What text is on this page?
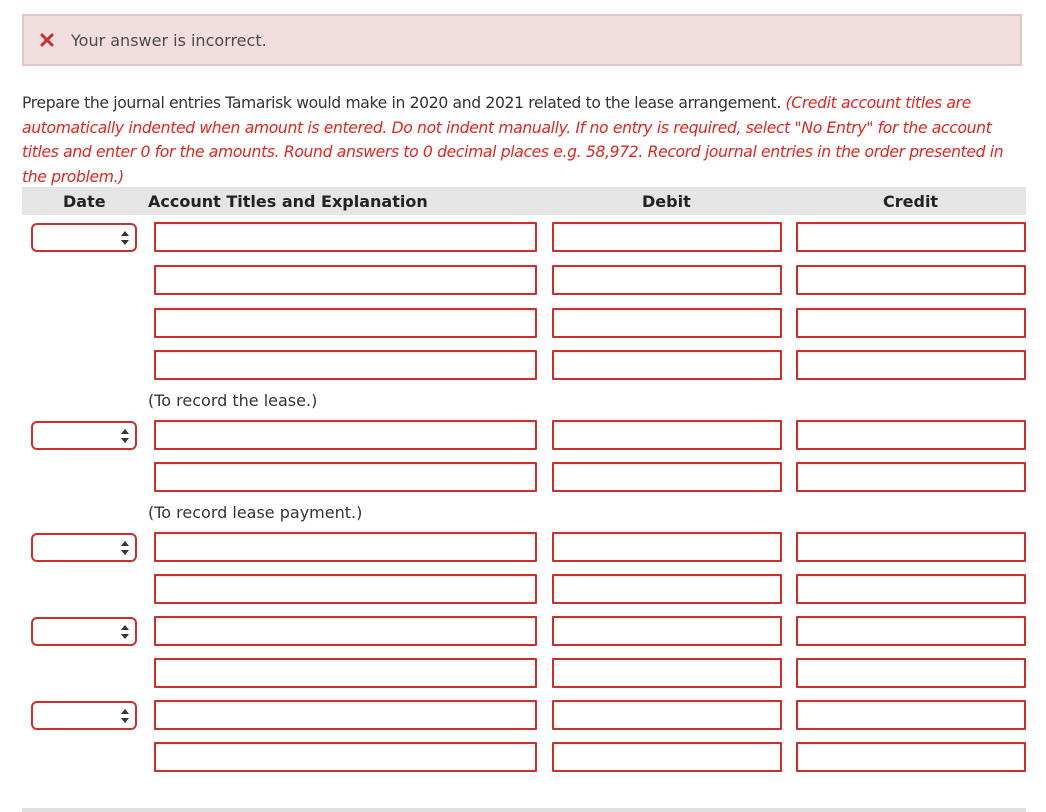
Your answer is incorrect.
Prepare the journal entries Tamarisk would make in 2020 and 2021 related to the lease arrangement. (Credit account titles are automatically indented when amount is entered. Do not indent manually. If no entry is required, select "No Entry" for the account titles and enter 0 for the amounts. Round answers to 0 decimal places e.g. 58,972. Record journal entries in the order presented in the problem.)
Date	Account Titles and Explanation	Debit	Credit
(To record the lease.)
(To record lease payment.)
